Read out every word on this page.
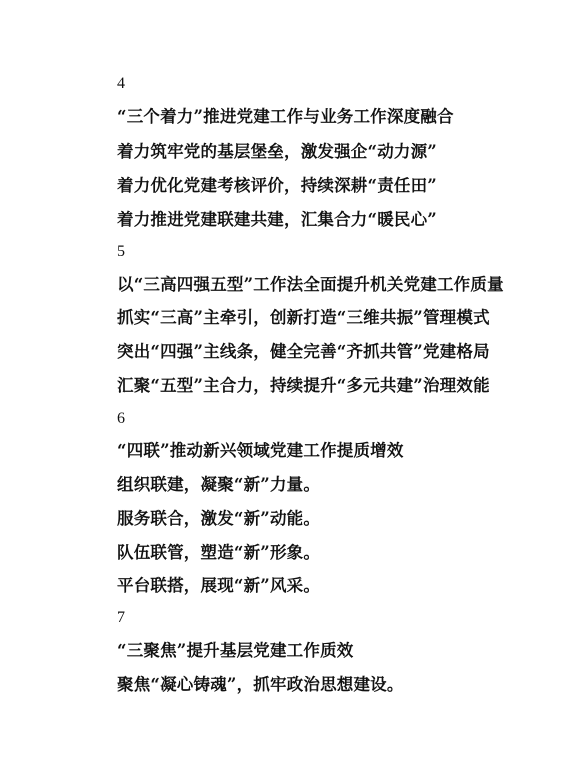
4
“三个着力”推进党建工作与业务工作深度融合
着力筑牢党的基层堡垒，激发强企“动力源”
着力优化党建考核评价，持续深耕“责任田”
着力推进党建联建共建，汇集合力“暖民心”
5
以“三高四强五型”工作法全面提升机关党建工作质量
抓实“三高”主牵引，创新打造“三维共振”管理模式
突出“四强”主线条，健全完善“齐抓共管”党建格局
汇聚“五型”主合力，持续提升“多元共建”治理效能
6
“四联”推动新兴领域党建工作提质增效
组织联建，凝聚“新”力量。
服务联合，激发“新”动能。
队伍联管，塑造“新”形象。
平台联搭，展现“新”风采。
7
“三聚焦”提升基层党建工作质效
聚焦“凝心铸魂”，抓牢政治思想建设。
